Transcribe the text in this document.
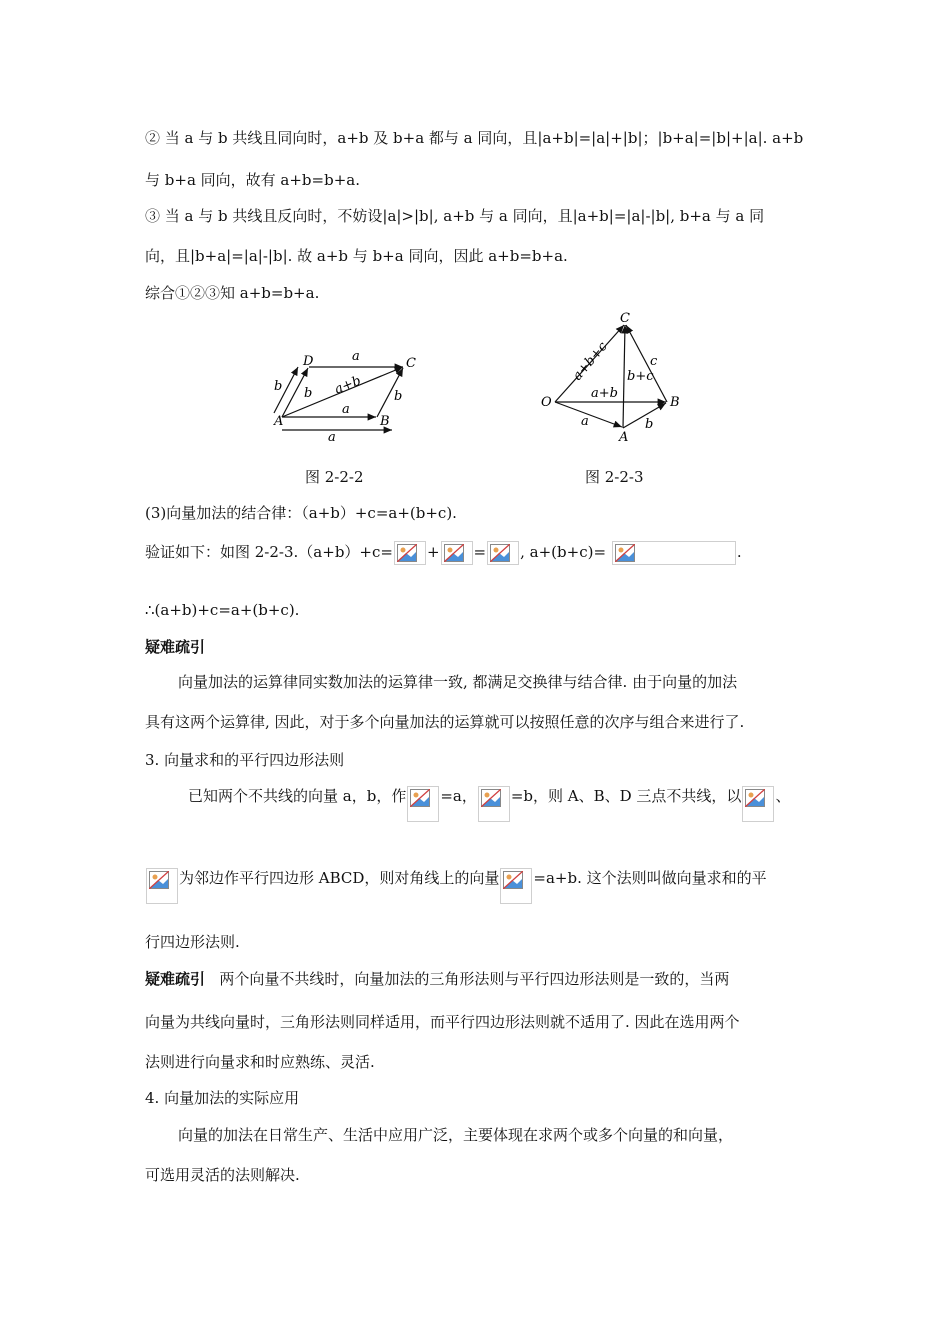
② 当 a 与 b 共线且同向时，a+b 及 b+a 都与 a 同向，且|a+b|=|a|+|b|；|b+a|=|b|+|a|. a+b
与 b+a 同向，故有 a+b=b+a.
③ 当 a 与 b 共线且反向时，不妨设|a|>|b|, a+b 与 a 同向，且|a+b|=|a|-|b|, b+a 与 a 同
向，且|b+a|=|a|-|b|. 故 a+b 与 b+a 同向，因此 a+b=b+a.
综合①②③知 a+b=b+a.
A	B
C
D	a
a
a
b b	b
a+b
O
A
B
C
a+b+c	c
b+c
a+b
a	b
图 2-2-2	图 2-2-3
(3)向量加法的结合律：（a+b）+c=a+(b+c).
验证如下：如图 2-2-3.（a+b）+c= + = , a+(b+c)=	.
∴(a+b)+c=a+(b+c).
疑难疏引
向量加法的运算律同实数加法的运算律一致, 都满足交换律与结合律. 由于向量的加法
具有这两个运算律, 因此，对于多个向量加法的运算就可以按照任意的次序与组合来进行了.
3. 向量求和的平行四边形法则
已知两个不共线的向量 a，b，作 =a， =b，则 A、B、D 三点不共线，以 、
为邻边作平行四边形 ABCD，则对角线上的向量 =a+b. 这个法则叫做向量求和的平
行四边形法则.
疑难疏引 两个向量不共线时，向量加法的三角形法则与平行四边形法则是一致的，当两
向量为共线向量时，三角形法则同样适用，而平行四边形法则就不适用了. 因此在选用两个
法则进行向量求和时应熟练、灵活.
4. 向量加法的实际应用
向量的加法在日常生产、生活中应用广泛，主要体现在求两个或多个向量的和向量，
可选用灵活的法则解决.
